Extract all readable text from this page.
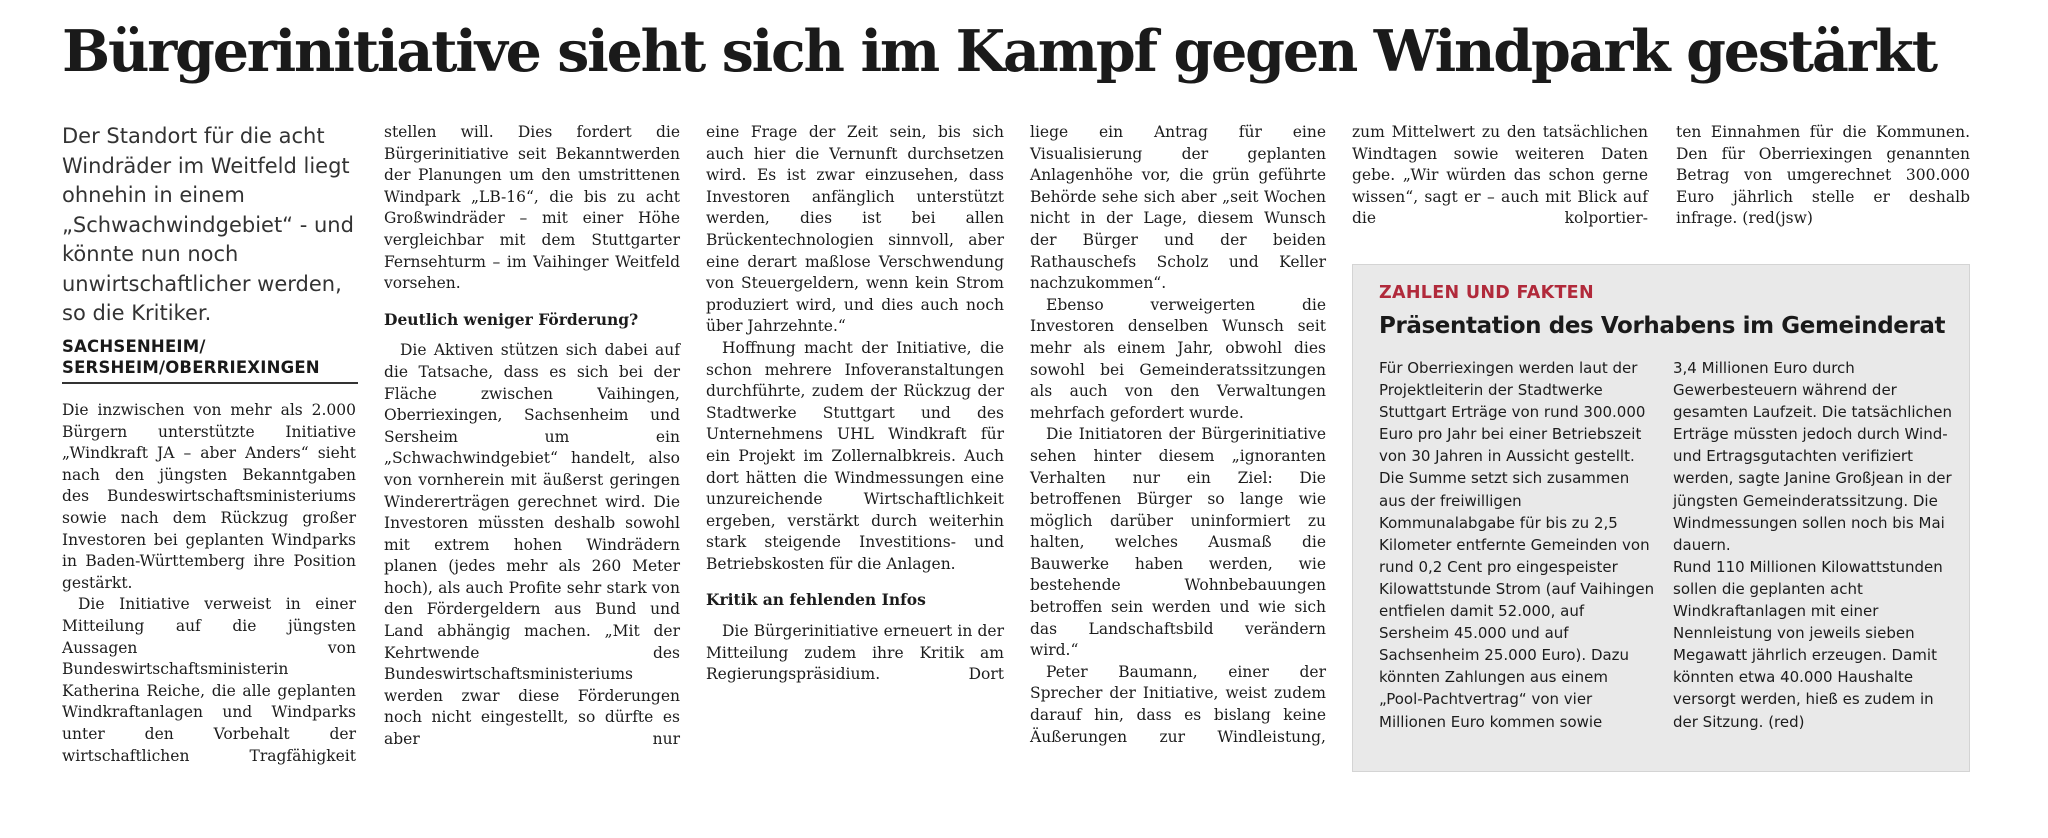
Bürgerinitiative sieht sich im Kampf gegen Windpark gestärkt

Der Standort für die acht Windräder im Weitfeld liegt ohnehin in einem „Schwachwindgebiet“ - und könnte nun noch unwirtschaftlicher werden, so die Kritiker.

SACHSENHEIM/ SERSHEIM/OBERRIEXINGEN

Die inzwischen von mehr als 2.000 Bürgern unterstützte Initiative „Windkraft JA – aber Anders“ sieht nach den jüngsten Bekanntgaben des Bundeswirtschaftsministeriums sowie nach dem Rückzug großer Investoren bei geplanten Windparks in Baden-Württemberg ihre Position gestärkt.

Die Initiative verweist in einer Mitteilung auf die jüngsten Aussagen von Bundeswirtschaftsministerin Katherina Reiche, die alle geplanten Windkraftanlagen und Windparks unter den Vorbehalt der wirtschaftlichen Tragfähigkeit

stellen will. Dies fordert die Bürgerinitiative seit Bekanntwerden der Planungen um den umstrittenen Windpark „LB-16“, die bis zu acht Großwindräder – mit einer Höhe vergleichbar mit dem Stuttgarter Fernsehturm – im Vaihinger Weitfeld vorsehen.

Deutlich weniger Förderung?

Die Aktiven stützen sich dabei auf die Tatsache, dass es sich bei der Fläche zwischen Vaihingen, Oberriexingen, Sachsenheim und Sersheim um ein „Schwachwindgebiet“ handelt, also von vornherein mit äußerst geringen Windererträgen gerechnet wird. Die Investoren müssten deshalb sowohl mit extrem hohen Windrädern planen (jedes mehr als 260 Meter hoch), als auch Profite sehr stark von den Fördergeldern aus Bund und Land abhängig machen. „Mit der Kehrtwende des Bundeswirtschaftsministeriums werden zwar diese Förderungen noch nicht eingestellt, so dürfte es aber nur

eine Frage der Zeit sein, bis sich auch hier die Vernunft durchsetzen wird. Es ist zwar einzusehen, dass Investoren anfänglich unterstützt werden, dies ist bei allen Brückentechnologien sinnvoll, aber eine derart maßlose Verschwendung von Steuergeldern, wenn kein Strom produziert wird, und dies auch noch über Jahrzehnte.“

Hoffnung macht der Initiative, die schon mehrere Infoveranstaltungen durchführte, zudem der Rückzug der Stadtwerke Stuttgart und des Unternehmens UHL Windkraft für ein Projekt im Zollernalbkreis. Auch dort hätten die Windmessungen eine unzureichende Wirtschaftlichkeit ergeben, verstärkt durch weiterhin stark steigende Investitions- und Betriebskosten für die Anlagen.

Kritik an fehlenden Infos

Die Bürgerinitiative erneuert in der Mitteilung zudem ihre Kritik am Regierungspräsidium. Dort

liege ein Antrag für eine Visualisierung der geplanten Anlagenhöhe vor, die grün geführte Behörde sehe sich aber „seit Wochen nicht in der Lage, diesem Wunsch der Bürger und der beiden Rathauschefs Scholz und Keller nachzukommen“.

Ebenso verweigerten die Investoren denselben Wunsch seit mehr als einem Jahr, obwohl dies sowohl bei Gemeinderatssitzungen als auch von den Verwaltungen mehrfach gefordert wurde.

Die Initiatoren der Bürgerinitiative sehen hinter diesem „ignoranten Verhalten nur ein Ziel: Die betroffenen Bürger so lange wie möglich darüber uninformiert zu halten, welches Ausmaß die Bauwerke haben werden, wie bestehende Wohnbebauungen betroffen sein werden und wie sich das Landschaftsbild verändern wird.“

Peter Baumann, einer der Sprecher der Initiative, weist zudem darauf hin, dass es bislang keine Äußerungen zur Windleistung,

zum Mittelwert zu den tatsächlichen Windtagen sowie weiteren Daten gebe. „Wir würden das schon gerne wissen“, sagt er – auch mit Blick auf die kolportier-

ten Einnahmen für die Kommunen. Den für Oberriexingen genannten Betrag von umgerechnet 300.000 Euro jährlich stelle er deshalb infrage. (red(jsw)

ZAHLEN UND FAKTEN
Präsentation des Vorhabens im Gemeinderat

Für Oberriexingen werden laut der Projektleiterin der Stadtwerke Stuttgart Erträge von rund 300.000 Euro pro Jahr bei einer Betriebszeit von 30 Jahren in Aussicht gestellt. Die Summe setzt sich zusammen aus der freiwilligen Kommunalabgabe für bis zu 2,5 Kilometer entfernte Gemeinden von rund 0,2 Cent pro eingespeister Kilowattstunde Strom (auf Vaihingen entfielen damit 52.000, auf Sersheim 45.000 und auf Sachsenheim 25.000 Euro). Dazu könnten Zahlungen aus einem „Pool-Pachtvertrag“ von vier Millionen Euro kommen sowie

3,4 Millionen Euro durch Gewerbesteuern während der gesamten Laufzeit. Die tatsächlichen Erträge müssten jedoch durch Wind- und Ertragsgutachten verifiziert werden, sagte Janine Großjean in der jüngsten Gemeinderatssitzung. Die Windmessungen sollen noch bis Mai dauern.

Rund 110 Millionen Kilowattstunden sollen die geplanten acht Windkraftanlagen mit einer Nennleistung von jeweils sieben Megawatt jährlich erzeugen. Damit könnten etwa 40.000 Haushalte versorgt werden, hieß es zudem in der Sitzung. (red)
